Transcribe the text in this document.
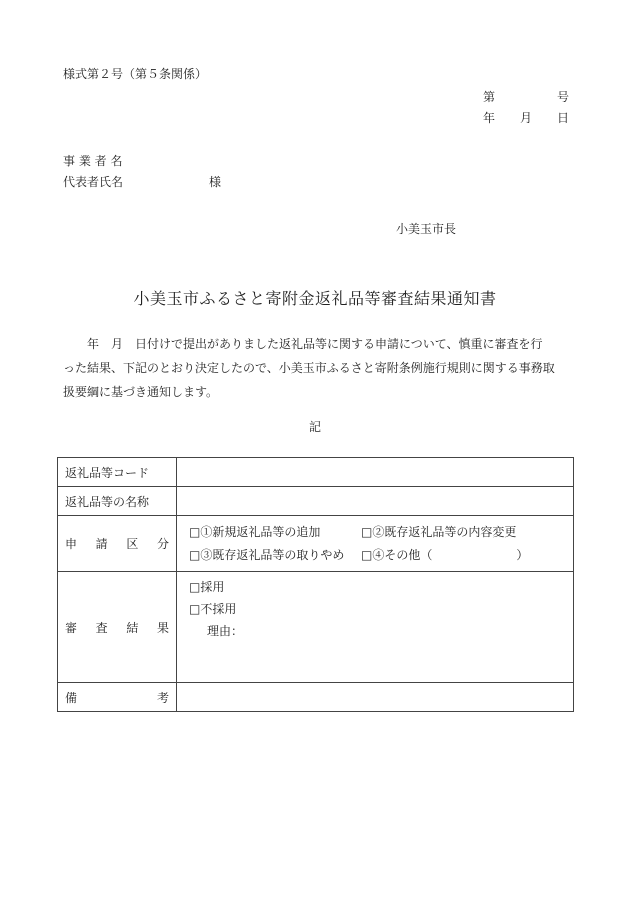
様式第２号（第５条関係）
第	号
年 月 日
事 業 者 名
代表者氏名	様
小美玉市長
小美玉市ふるさと寄附金返礼品等審査結果通知書
　　年　月　日付けで提出がありました返礼品等に関する申請について、慎重に審査を行
った結果、下記のとおり決定したので、小美玉市ふるさと寄附条例施行規則に関する事務取
扱要綱に基づき通知します。
記
返礼品等コード	
返礼品等の名称	
申請区分	□①新規返礼品等の追加 □②既存返礼品等の内容変更
□③既存返礼品等の取りやめ □④その他（　　　　　　　）

審査結果	□採用
□不採用
理由：

備考	
